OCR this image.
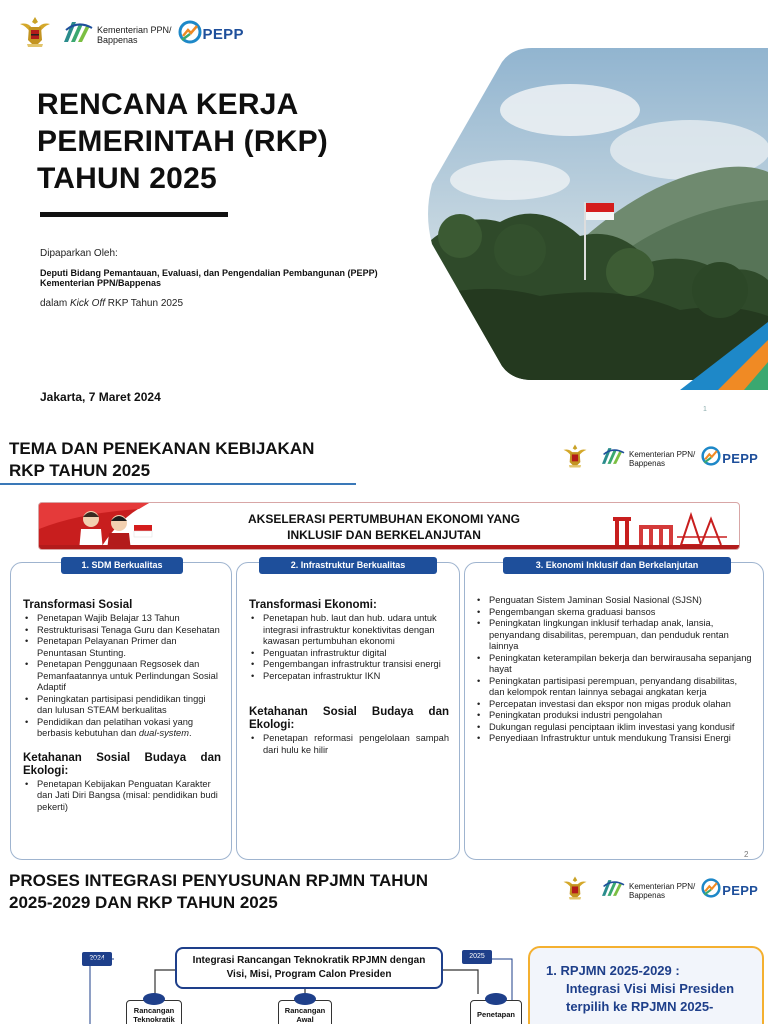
Kementerian PPN/
Bappenas	PEPP
RENCANA KERJA
PEMERINTAH (RKP)
TAHUN 2025
Dipaparkan Oleh:
Deputi Bidang Pemantauan, Evaluasi, dan Pengendalian Pembangunan (PEPP)
Kementerian PPN/Bappenas
dalam Kick Off RKP Tahun 2025
Jakarta, 7 Maret 2024
1
TEMA DAN PENEKANAN KEBIJAKAN
RKP TAHUN 2025
Kementerian PPN/
Bappenas	PEPP
AKSELERASI PERTUMBUHAN EKONOMI YANG
INKLUSIF DAN BERKELANJUTAN
1. SDM Berkualitas
Transformasi Sosial
• Penetapan Wajib Belajar 13 Tahun
• Restrukturisasi Tenaga Guru dan Kesehatan
• Penetapan Pelayanan Primer dan Penuntasan Stunting.
• Penetapan Penggunaan Regsosek dan Pemanfaatannya untuk Perlindungan Sosial Adaptif
• Peningkatan partisipasi pendidikan tinggi dan lulusan STEAM berkualitas
• Pendidikan dan pelatihan vokasi yang berbasis kebutuhan dan dual-system.
Ketahanan Sosial Budaya dan Ekologi:
• Penetapan Kebijakan Penguatan Karakter dan Jati Diri Bangsa (misal: pendidikan budi pekerti)
2. Infrastruktur Berkualitas
Transformasi Ekonomi:
• Penetapan hub. laut dan hub. udara untuk integrasi infrastruktur konektivitas dengan kawasan pertumbuhan ekonomi
• Penguatan infrastruktur digital
• Pengembangan infrastruktur transisi energi
• Percepatan infrastruktur IKN
Ketahanan Sosial Budaya dan Ekologi:
• Penetapan reformasi pengelolaan sampah dari hulu ke hilir
3. Ekonomi Inklusif dan Berkelanjutan
• Penguatan Sistem Jaminan Sosial Nasional (SJSN)
• Pengembangan skema graduasi bansos
• Peningkatan lingkungan inklusif terhadap anak, lansia, penyandang disabilitas, perempuan, dan penduduk rentan lainnya
• Peningkatan keterampilan bekerja dan berwirausaha sepanjang hayat
• Peningkatan partisipasi perempuan, penyandang disabilitas, dan kelompok rentan lainnya sebagai angkatan kerja
• Percepatan investasi dan ekspor non migas produk olahan
• Peningkatan produksi industri pengolahan
• Dukungan regulasi penciptaan iklim investasi yang kondusif
• Penyediaan Infrastruktur untuk mendukung Transisi Energi
2
PROSES INTEGRASI PENYUSUNAN RPJMN TAHUN
2025-2029 DAN RKP TAHUN 2025
Kementerian PPN/
Bappenas	PEPP
2024	2025
Integrasi Rancangan Teknokratik RPJMN dengan
Visi, Misi, Program Calon Presiden
Rancangan
Teknokratik
Rancangan
Awal
Penetapan
1. RPJMN 2025-2029 :
Integrasi Visi Misi Presiden
terpilih ke RPJMN 2025-
